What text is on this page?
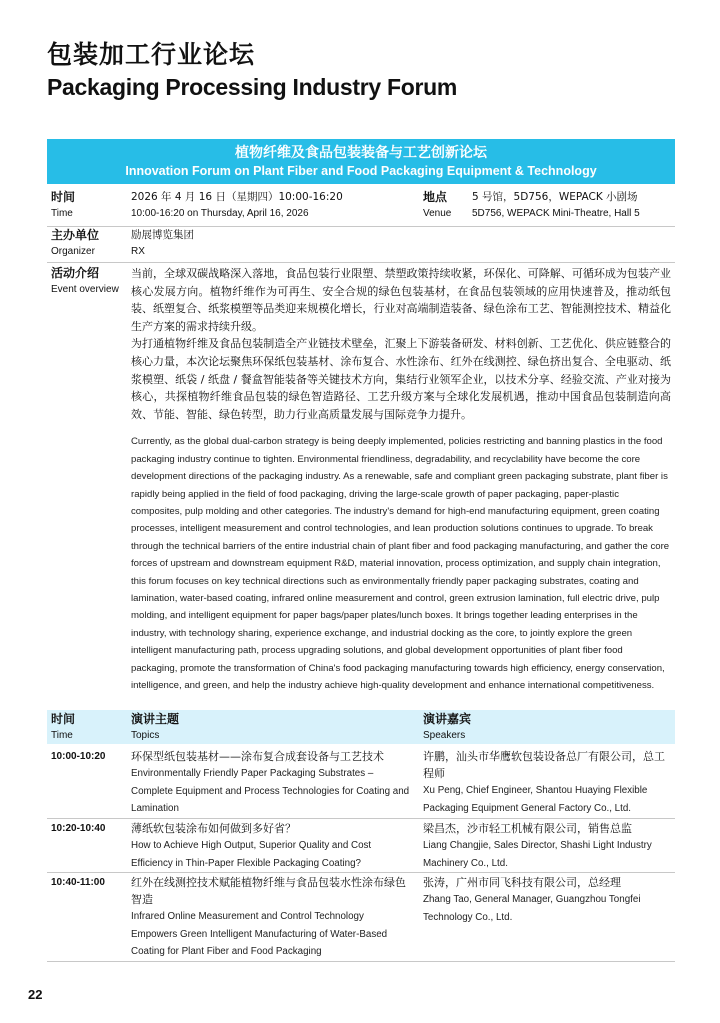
包装加工行业论坛
Packaging Processing Industry Forum
植物纤维及食品包装装备与工艺创新论坛
Innovation Forum on Plant Fiber and Food Packaging Equipment & Technology
时间
Time
2026 年 4 月 16 日（星期四）10:00-16:20
10:00-16:20 on Thursday, April 16, 2026
地点
Venue
5 号馆，5D756，WEPACK 小剧场
5D756, WEPACK Mini-Theatre, Hall 5
主办单位
Organizer
励展博览集团
RX
活动介绍
Event overview

当前，全球双碳战略深入落地，食品包装行业限塑、禁塑政策持续收紧，环保化、可降解、可循环成为包装产业核心发展方向。植物纤维作为可再生、安全合规的绿色包装基材，在食品包装领域的应用快速普及，推动纸包装、纸塑复合、纸浆模塑等品类迎来规模化增长，行业对高端制造装备、绿色涂布工艺、智能测控技术、精益化生产方案的需求持续升级。

为打通植物纤维及食品包装制造全产业链技术壁垒，汇聚上下游装备研发、材料创新、工艺优化、供应链整合的核心力量，本次论坛聚焦环保纸包装基材、涂布复合、水性涂布、红外在线测控、绿色挤出复合、全电驱动、纸浆模塑、纸袋 / 纸盘 / 餐盒智能装备等关键技术方向，集结行业领军企业，以技术分享、经验交流、产业对接为核心，共探植物纤维食品包装的绿色智造路径、工艺升级方案与全球化发展机遇，推动中国食品包装制造向高效、节能、智能、绿色转型，助力行业高质量发展与国际竞争力提升。

Currently, as the global dual-carbon strategy is being deeply implemented, policies restricting and banning plastics in the food packaging industry continue to tighten. Environmental friendliness, degradability, and recyclability have become the core development directions of the packaging industry. As a renewable, safe and compliant green packaging substrate, plant fiber is rapidly being applied in the field of food packaging, driving the large-scale growth of paper packaging, paper-plastic composites, pulp molding and other categories. The industry's demand for high-end manufacturing equipment, green coating processes, intelligent measurement and control technologies, and lean production solutions continues to upgrade. To break through the technical barriers of the entire industrial chain of plant fiber and food packaging manufacturing, and gather the core forces of upstream and downstream equipment R&D, material innovation, process optimization, and supply chain integration, this forum focuses on key technical directions such as environmentally friendly paper packaging substrates, coating and lamination, water-based coating, infrared online measurement and control, green extrusion lamination, full electric drive, pulp molding, and intelligent equipment for paper bags/paper plates/lunch boxes. It brings together leading enterprises in the industry, with technology sharing, experience exchange, and industrial docking as the core, to jointly explore the green intelligent manufacturing path, process upgrading solutions, and global development opportunities of plant fiber food packaging, promote the transformation of China's food packaging manufacturing towards high efficiency, energy conservation, intelligence, and green, and help the industry achieve high-quality development and enhance international competitiveness.
时间
Time
演讲主题
Topics
演讲嘉宾
Speakers
10:00-10:20 环保型纸包装基材——涂布复合成套设备与工艺技术
Environmentally Friendly Paper Packaging Substrates – Complete Equipment and Process Technologies for Coating and Lamination
许鹏，汕头市华鹰软包装设备总厂有限公司，总工程师
Xu Peng, Chief Engineer, Shantou Huaying Flexible Packaging Equipment General Factory Co., Ltd.
10:20-10:40 薄纸软包装涂布如何做到多好省？
How to Achieve High Output, Superior Quality and Cost Efficiency in Thin-Paper Flexible Packaging Coating?
梁昌杰，沙市轻工机械有限公司，销售总监
Liang Changjie, Sales Director, Shashi Light Industry Machinery Co., Ltd.
10:40-11:00 红外在线测控技术赋能植物纤维与食品包装水性涂布绿色智造
Infrared Online Measurement and Control Technology Empowers Green Intelligent Manufacturing of Water-Based Coating for Plant Fiber and Food Packaging
张涛，广州市同飞科技有限公司，总经理
Zhang Tao, General Manager, Guangzhou Tongfei Technology Co., Ltd.
22
